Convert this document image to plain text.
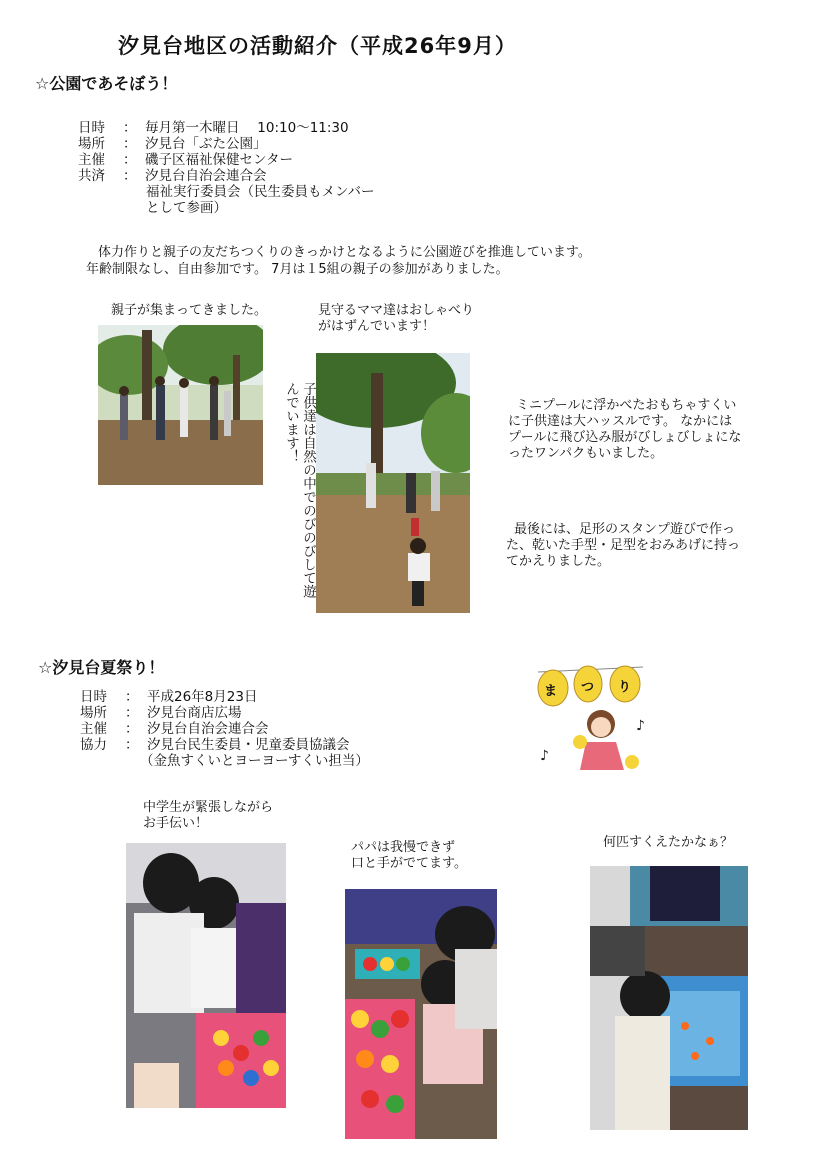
汐見台地区の活動紹介（平成26年9月）
☆公園であそぼう！
日時	： 毎月第一木曜日　 10:10～11:30
場所	： 汐見台「ぶた公園」
主催	： 磯子区福祉保健センター
共済	： 汐見台自治会連合会
福祉実行委員会（民生委員もメンバー
として参画）
体力作りと親子の友だちつくりのきっかけとなるように公園遊びを推進しています。
年齢制限なし、自由参加です。 7月は１5組の親子の参加がありました。
親子が集まってきました。	見守るママ達はおしゃべり
がはずんでいます！
子供達は自然の中でのびのびして遊
んでいます！	ミニプールに浮かべたおもちゃすくい
に子供達は大ハッスルです。 なかには
プールに飛び込み服がびしょびしょにな
ったワンパクもいました。
最後には、足形のスタンプ遊びで作っ
た、乾いた手型・足型をおみあげに持っ
てかえりました。
☆汐見台夏祭り！
日時	： 平成26年8月23日
場所	： 汐見台商店広場
主催	： 汐見台自治会連合会
協力	： 汐見台民生委員・児童委員協議会
（金魚すくいとヨーヨーすくい担当）
♪
♪
ま つ り
中学生が緊張しながら
お手伝い！
パパは我慢できず
口と手がでてます。
何匹すくえたかなぁ？
